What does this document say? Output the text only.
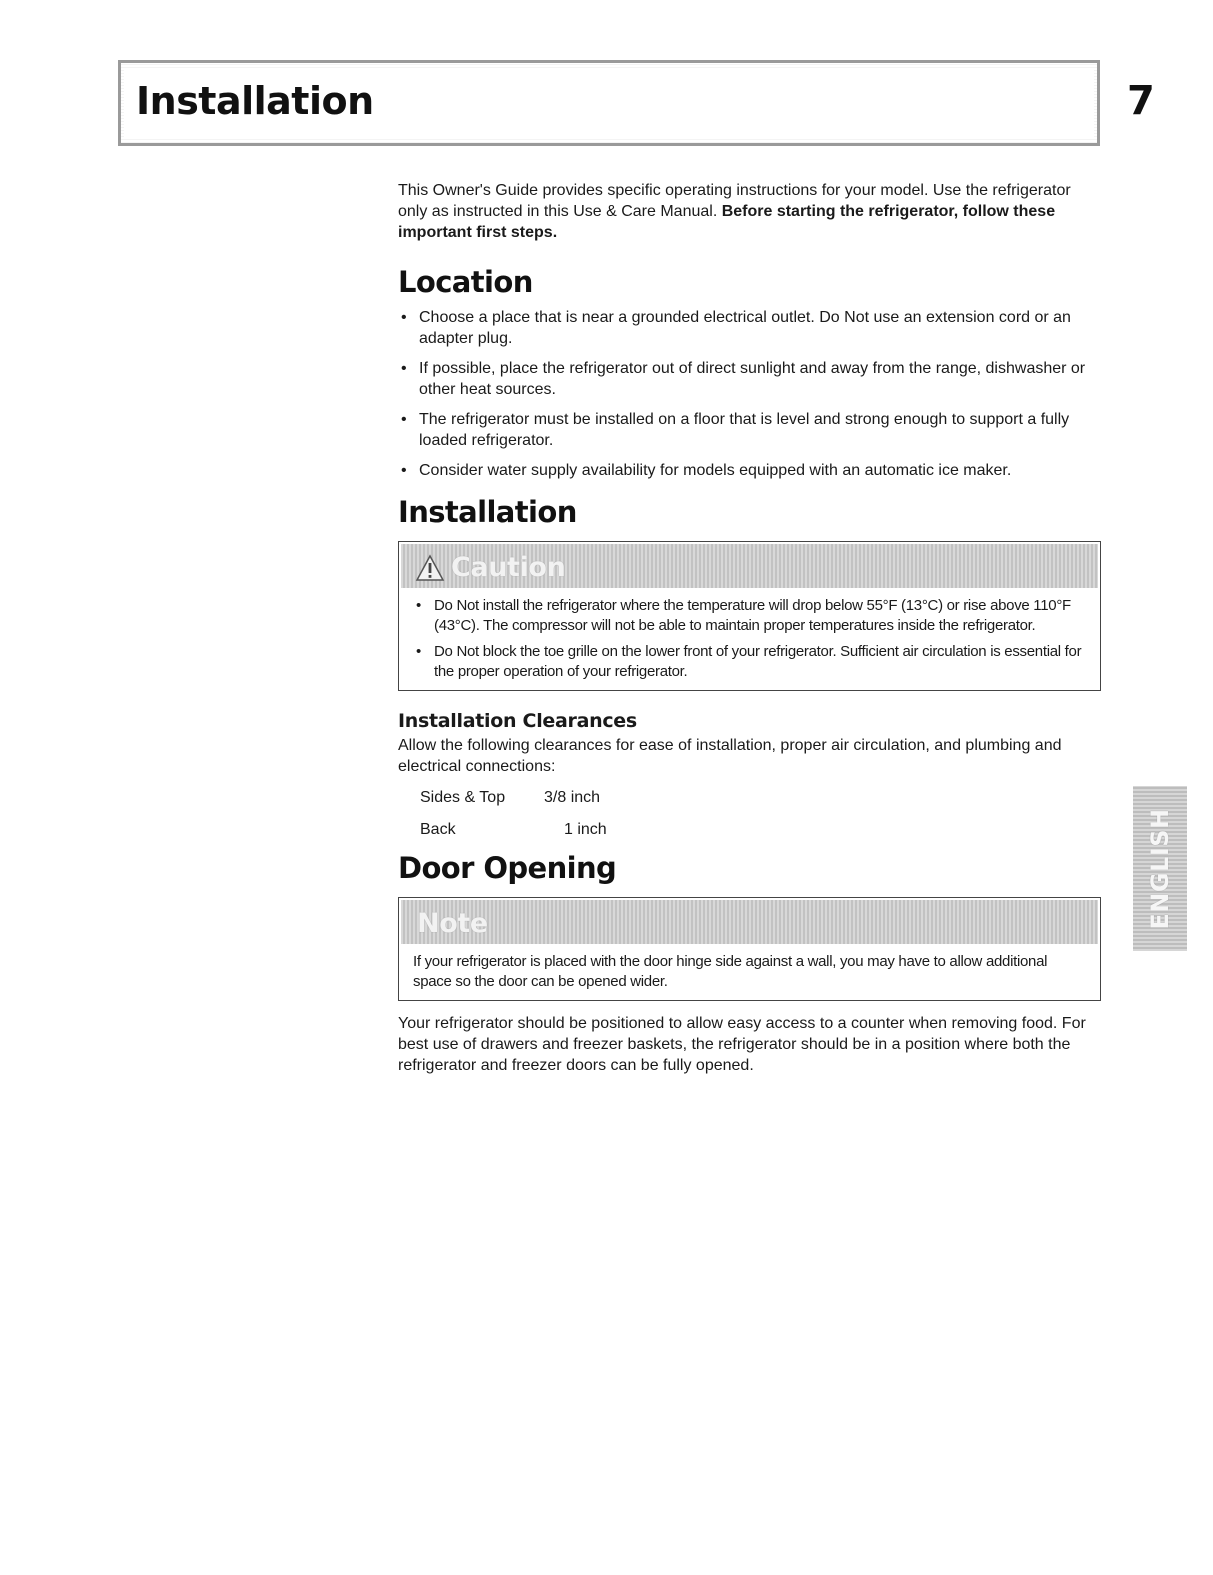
Installation	7

This Owner's Guide provides specific operating instructions for your model. Use the refrigerator only as instructed in this Use & Care Manual. Before starting the refrigerator, follow these important first steps.

Location
• Choose a place that is near a grounded electrical outlet. Do Not use an extension cord or an adapter plug.
• If possible, place the refrigerator out of direct sunlight and away from the range, dishwasher or other heat sources.
• The refrigerator must be installed on a floor that is level and strong enough to support a fully loaded refrigerator.
• Consider water supply availability for models equipped with an automatic ice maker.
Installation
Caution
• Do Not install the refrigerator where the temperature will drop below 55°F (13°C) or rise above 110°F (43°C). The compressor will not be able to maintain proper temperatures inside the refrigerator.
• Do Not block the toe grille on the lower front of your refrigerator. Sufficient air circulation is essential for the proper operation of your refrigerator.
Installation Clearances

Allow the following clearances for ease of installation, proper air circulation, and plumbing and electrical connections:

Sides & Top	3/8 inch
Back	1 inch
Door Opening
Note
If your refrigerator is placed with the door hinge side against a wall, you may have to allow additional space so the door can be opened wider.

Your refrigerator should be positioned to allow easy access to a counter when removing food. For best use of drawers and freezer baskets, the refrigerator should be in a position where both the refrigerator and freezer doors can be fully opened.

ENGLISH
